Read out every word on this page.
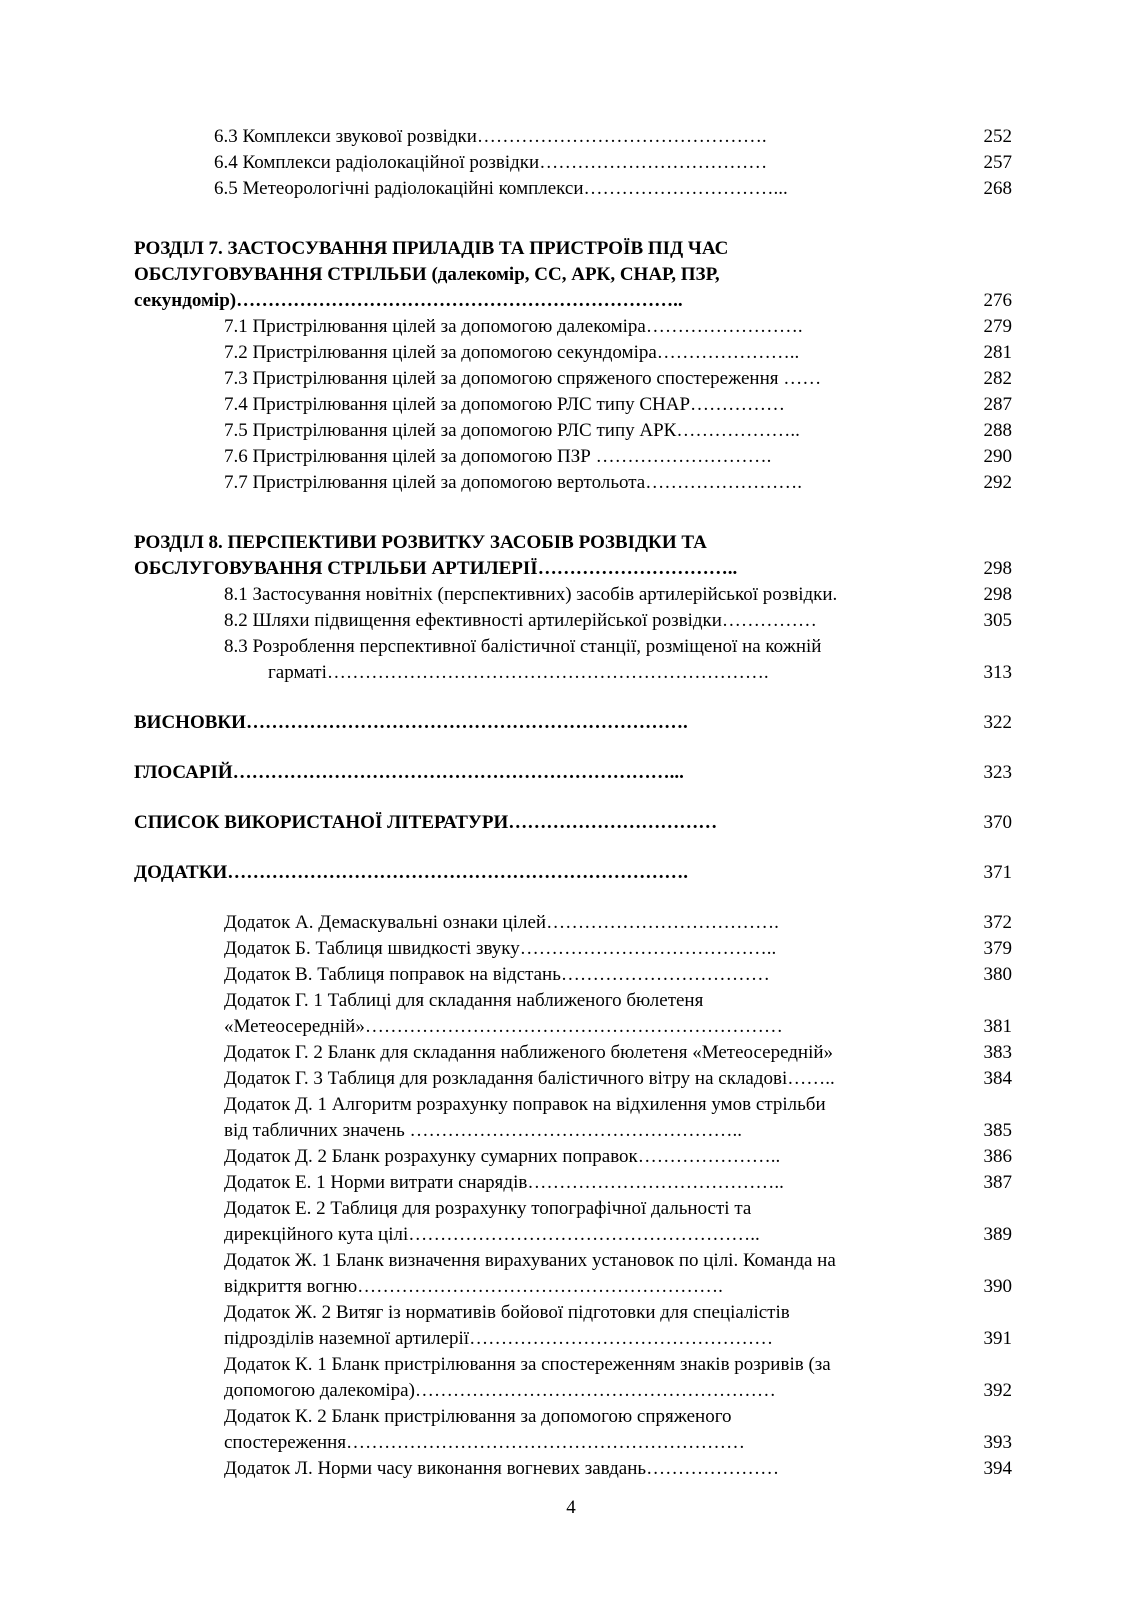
6.3 Комплекси звукової розвідки……………………………………….	252
6.4 Комплекси радіолокаційної розвідки………………………………	257
6.5 Метеорологічні радіолокаційні комплекси…………………………...	268
РОЗДІЛ 7. ЗАСТОСУВАННЯ ПРИЛАДІВ ТА ПРИСТРОЇВ ПІД ЧАС
ОБСЛУГОВУВАННЯ СТРІЛЬБИ (далекомір, СС, АРК, СНАР, ПЗР,
секундомір)……………………………………………………………..	276
7.1 Пристрілювання цілей за допомогою далекоміра…………………….	279
7.2 Пристрілювання цілей за допомогою секундоміра…………………..	281
7.3 Пристрілювання цілей за допомогою спряженого спостереження ……	282
7.4 Пристрілювання цілей за допомогою РЛС типу СНАР……………	287
7.5 Пристрілювання цілей за допомогою РЛС типу АРК………………..	288
7.6 Пристрілювання цілей за допомогою ПЗР ……………………….	290
7.7 Пристрілювання цілей за допомогою вертольота…………………….	292
РОЗДІЛ 8. ПЕРСПЕКТИВИ РОЗВИТКУ ЗАСОБІВ РОЗВІДКИ ТА
ОБСЛУГОВУВАННЯ СТРІЛЬБИ АРТИЛЕРІЇ…………………………..	298
8.1 Застосування новітніх (перспективних) засобів артилерійської розвідки.	298
8.2 Шляхи підвищення ефективності артилерійської розвідки……………	305
8.3 Розроблення перспективної балістичної станції, розміщеної на кожній
гарматі…………………………………………………………….	313
ВИСНОВКИ…………………………………………………………….	322
ГЛОСАРІЙ……………………………………………………………...	323
СПИСОК ВИКОРИСТАНОЇ ЛІТЕРАТУРИ……………………………	370
ДОДАТКИ……………………………………………………………….	371
Додаток А. Демаскувальні ознаки цілей……………………………….	372
Додаток Б. Таблиця швидкості звуку…………………………………..	379
Додаток В. Таблиця поправок на відстань……………………………	380
Додаток Г. 1 Таблиці для складання наближеного бюлетеня
«Метеосередній»…………………………………………………………	381
Додаток Г. 2 Бланк для складання наближеного бюлетеня «Метеосередній»	383
Додаток Г. 3 Таблиця для розкладання балістичного вітру на складові……..	384
Додаток Д. 1 Алгоритм розрахунку поправок на відхилення умов стрільби
від табличних значень ……………………………………………..	385
Додаток Д. 2 Бланк розрахунку сумарних поправок…………………..	386
Додаток Е. 1 Норми витрати снарядів…………………………………..	387
Додаток Е. 2 Таблиця для розрахунку топографічної дальності та
дирекційного кута цілі………………………………………………..	389
Додаток Ж. 1 Бланк визначення вирахуваних установок по цілі. Команда на
відкриття вогню………………………………………………….	390
Додаток Ж. 2 Витяг із нормативів бойової підготовки для спеціалістів
підрозділів наземної артилерії…………………………………………	391
Додаток К. 1 Бланк пристрілювання за спостереженням знаків розривів (за
допомогою далекоміра)…………………………………………………	392
Додаток К. 2 Бланк пристрілювання за допомогою спряженого
спостереження………………………………………………………	393
Додаток Л. Норми часу виконання вогневих завдань…………………	394
4
